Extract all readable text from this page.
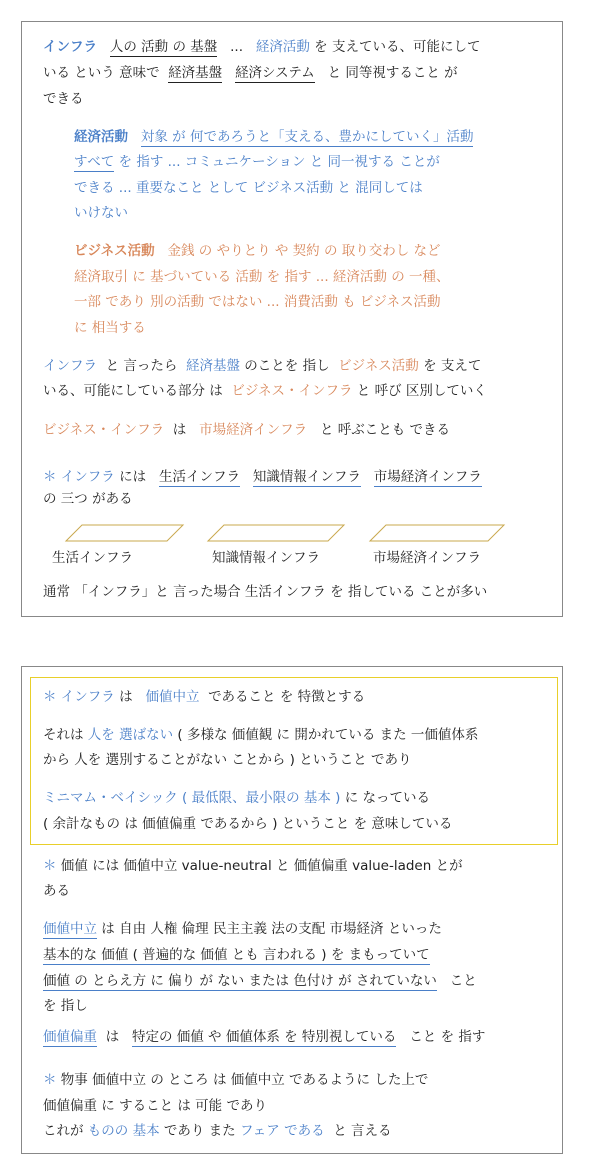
インフラ 人の 活動 の 基盤 ... 経済活動 を 支えている、可能にして
いる という 意味で 経済基盤 経済システム と 同等視すること が
できる
経済活動 対象 が 何であろうと「支える、豊かにしていく」活動
すべて を 指す ... コミュニケーション と 同一視する ことが
できる ... 重要なこと として ビジネス活動 と 混同しては
いけない
ビジネス活動 金銭 の やりとり や 契約 の 取り交わし など
経済取引 に 基づいている 活動 を 指す ... 経済活動 の 一種、
一部 であり 別の活動 ではない ... 消費活動 も ビジネス活動
に 相当する
インフラ と 言ったら 経済基盤 のことを 指し ビジネス活動 を 支えて
いる、可能にしている部分 は ビジネス・インフラ と 呼び 区別していく
ビジネス・インフラ は 市場経済インフラ と 呼ぶことも できる
＊ インフラ には 生活インフラ 知識情報インフラ 市場経済インフラ
の 三つ がある
生活インフラ	知識情報インフラ	市場経済インフラ
通常 「インフラ」と 言った場合 生活インフラ を 指している ことが多い
＊ インフラ は 価値中立 であること を 特徴とする
それは 人を 選ばない ( 多様な 価値観 に 開かれている また 一価値体系
から 人を 選別することがない ことから ) ということ であり
ミニマム・ベイシック ( 最低限、最小限の 基本 ) に なっている
( 余計なもの は 価値偏重 であるから ) ということ を 意味している
＊ 価値 には 価値中立 value-neutral と 価値偏重 value-laden とが
ある
価値中立 は 自由 人権 倫理 民主主義 法の支配 市場経済 といった
基本的な 価値 ( 普遍的な 価値 とも 言われる ) を まもっていて
価値 の とらえ方 に 偏り が ない または 色付け が されていない こと
を 指し
価値偏重 は 特定の 価値 や 価値体系 を 特別視している こと を 指す
＊ 物事 価値中立 の ところ は 価値中立 であるように した上で
価値偏重 に すること は 可能 であり
これが ものの 基本 であり また フェア である と 言える
